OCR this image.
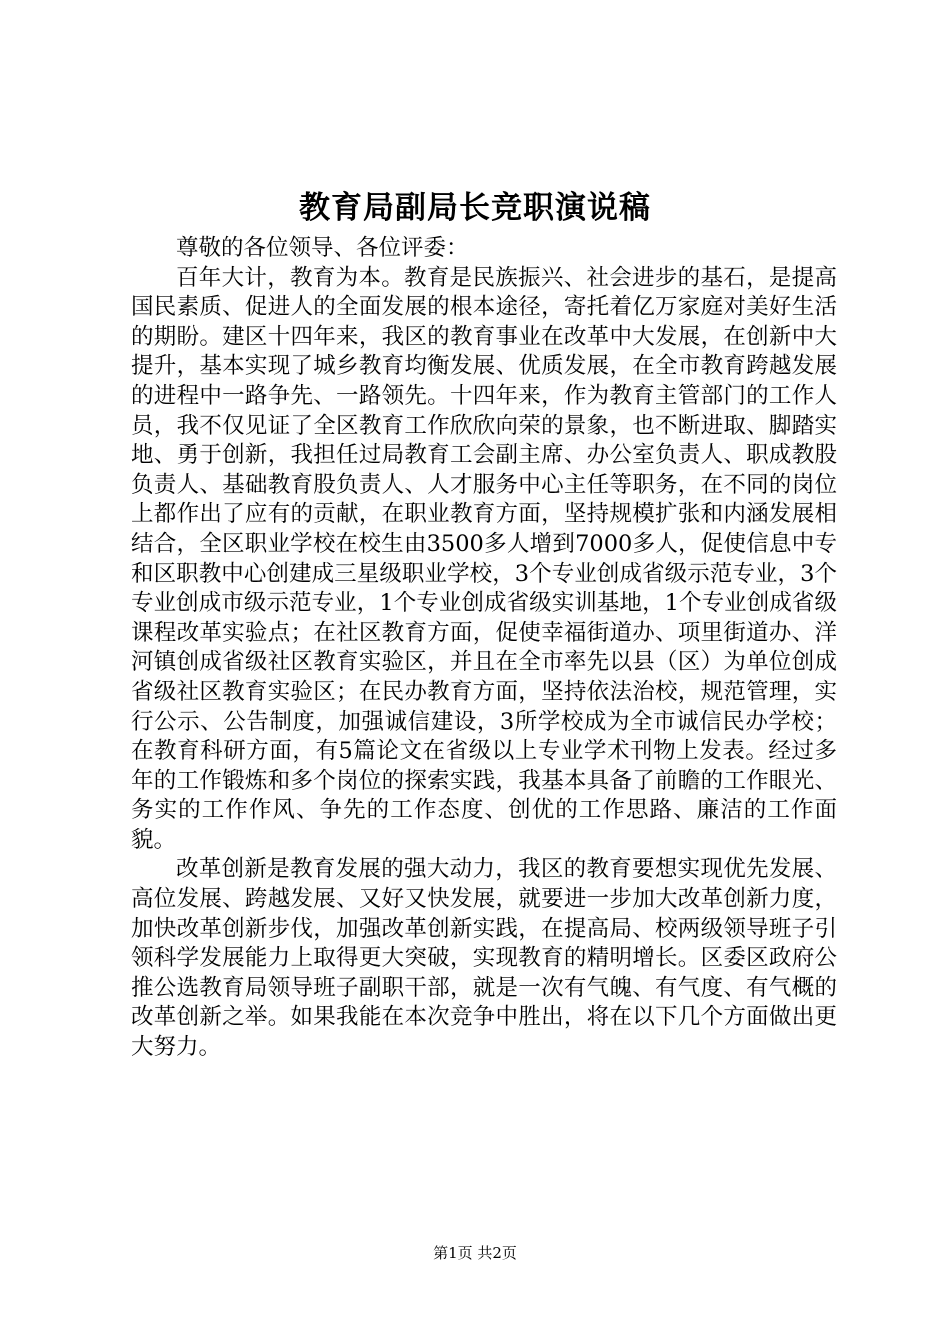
教育局副局长竞职演说稿

尊敬的各位领导、各位评委：

百年大计，教育为本。教育是民族振兴、社会进步的基石，是提高国民素质、促进人的全面发展的根本途径，寄托着亿万家庭对美好生活的期盼。建区十四年来，我区的教育事业在改革中大发展，在创新中大提升，基本实现了城乡教育均衡发展、优质发展，在全市教育跨越发展的进程中一路争先、一路领先。十四年来，作为教育主管部门的工作人员，我不仅见证了全区教育工作欣欣向荣的景象，也不断进取、脚踏实地、勇于创新，我担任过局教育工会副主席、办公室负责人、职成教股负责人、基础教育股负责人、人才服务中心主任等职务，在不同的岗位上都作出了应有的贡献，在职业教育方面，坚持规模扩张和内涵发展相结合，全区职业学校在校生由3500多人增到7000多人，促使信息中专和区职教中心创建成三星级职业学校，3个专业创成省级示范专业，3个专业创成市级示范专业，1个专业创成省级实训基地，1个专业创成省级课程改革实验点；在社区教育方面，促使幸福街道办、项里街道办、洋河镇创成省级社区教育实验区，并且在全市率先以县（区）为单位创成省级社区教育实验区；在民办教育方面，坚持依法治校，规范管理，实行公示、公告制度，加强诚信建设，3所学校成为全市诚信民办学校；在教育科研方面，有5篇论文在省级以上专业学术刊物上发表。经过多年的工作锻炼和多个岗位的探索实践，我基本具备了前瞻的工作眼光、务实的工作作风、争先的工作态度、创优的工作思路、廉洁的工作面貌。

改革创新是教育发展的强大动力，我区的教育要想实现优先发展、高位发展、跨越发展、又好又快发展，就要进一步加大改革创新力度，加快改革创新步伐，加强改革创新实践，在提高局、校两级领导班子引领科学发展能力上取得更大突破，实现教育的精明增长。区委区政府公推公选教育局领导班子副职干部，就是一次有气魄、有气度、有气概的改革创新之举。如果我能在本次竞争中胜出，将在以下几个方面做出更大努力。

第1页 共2页
